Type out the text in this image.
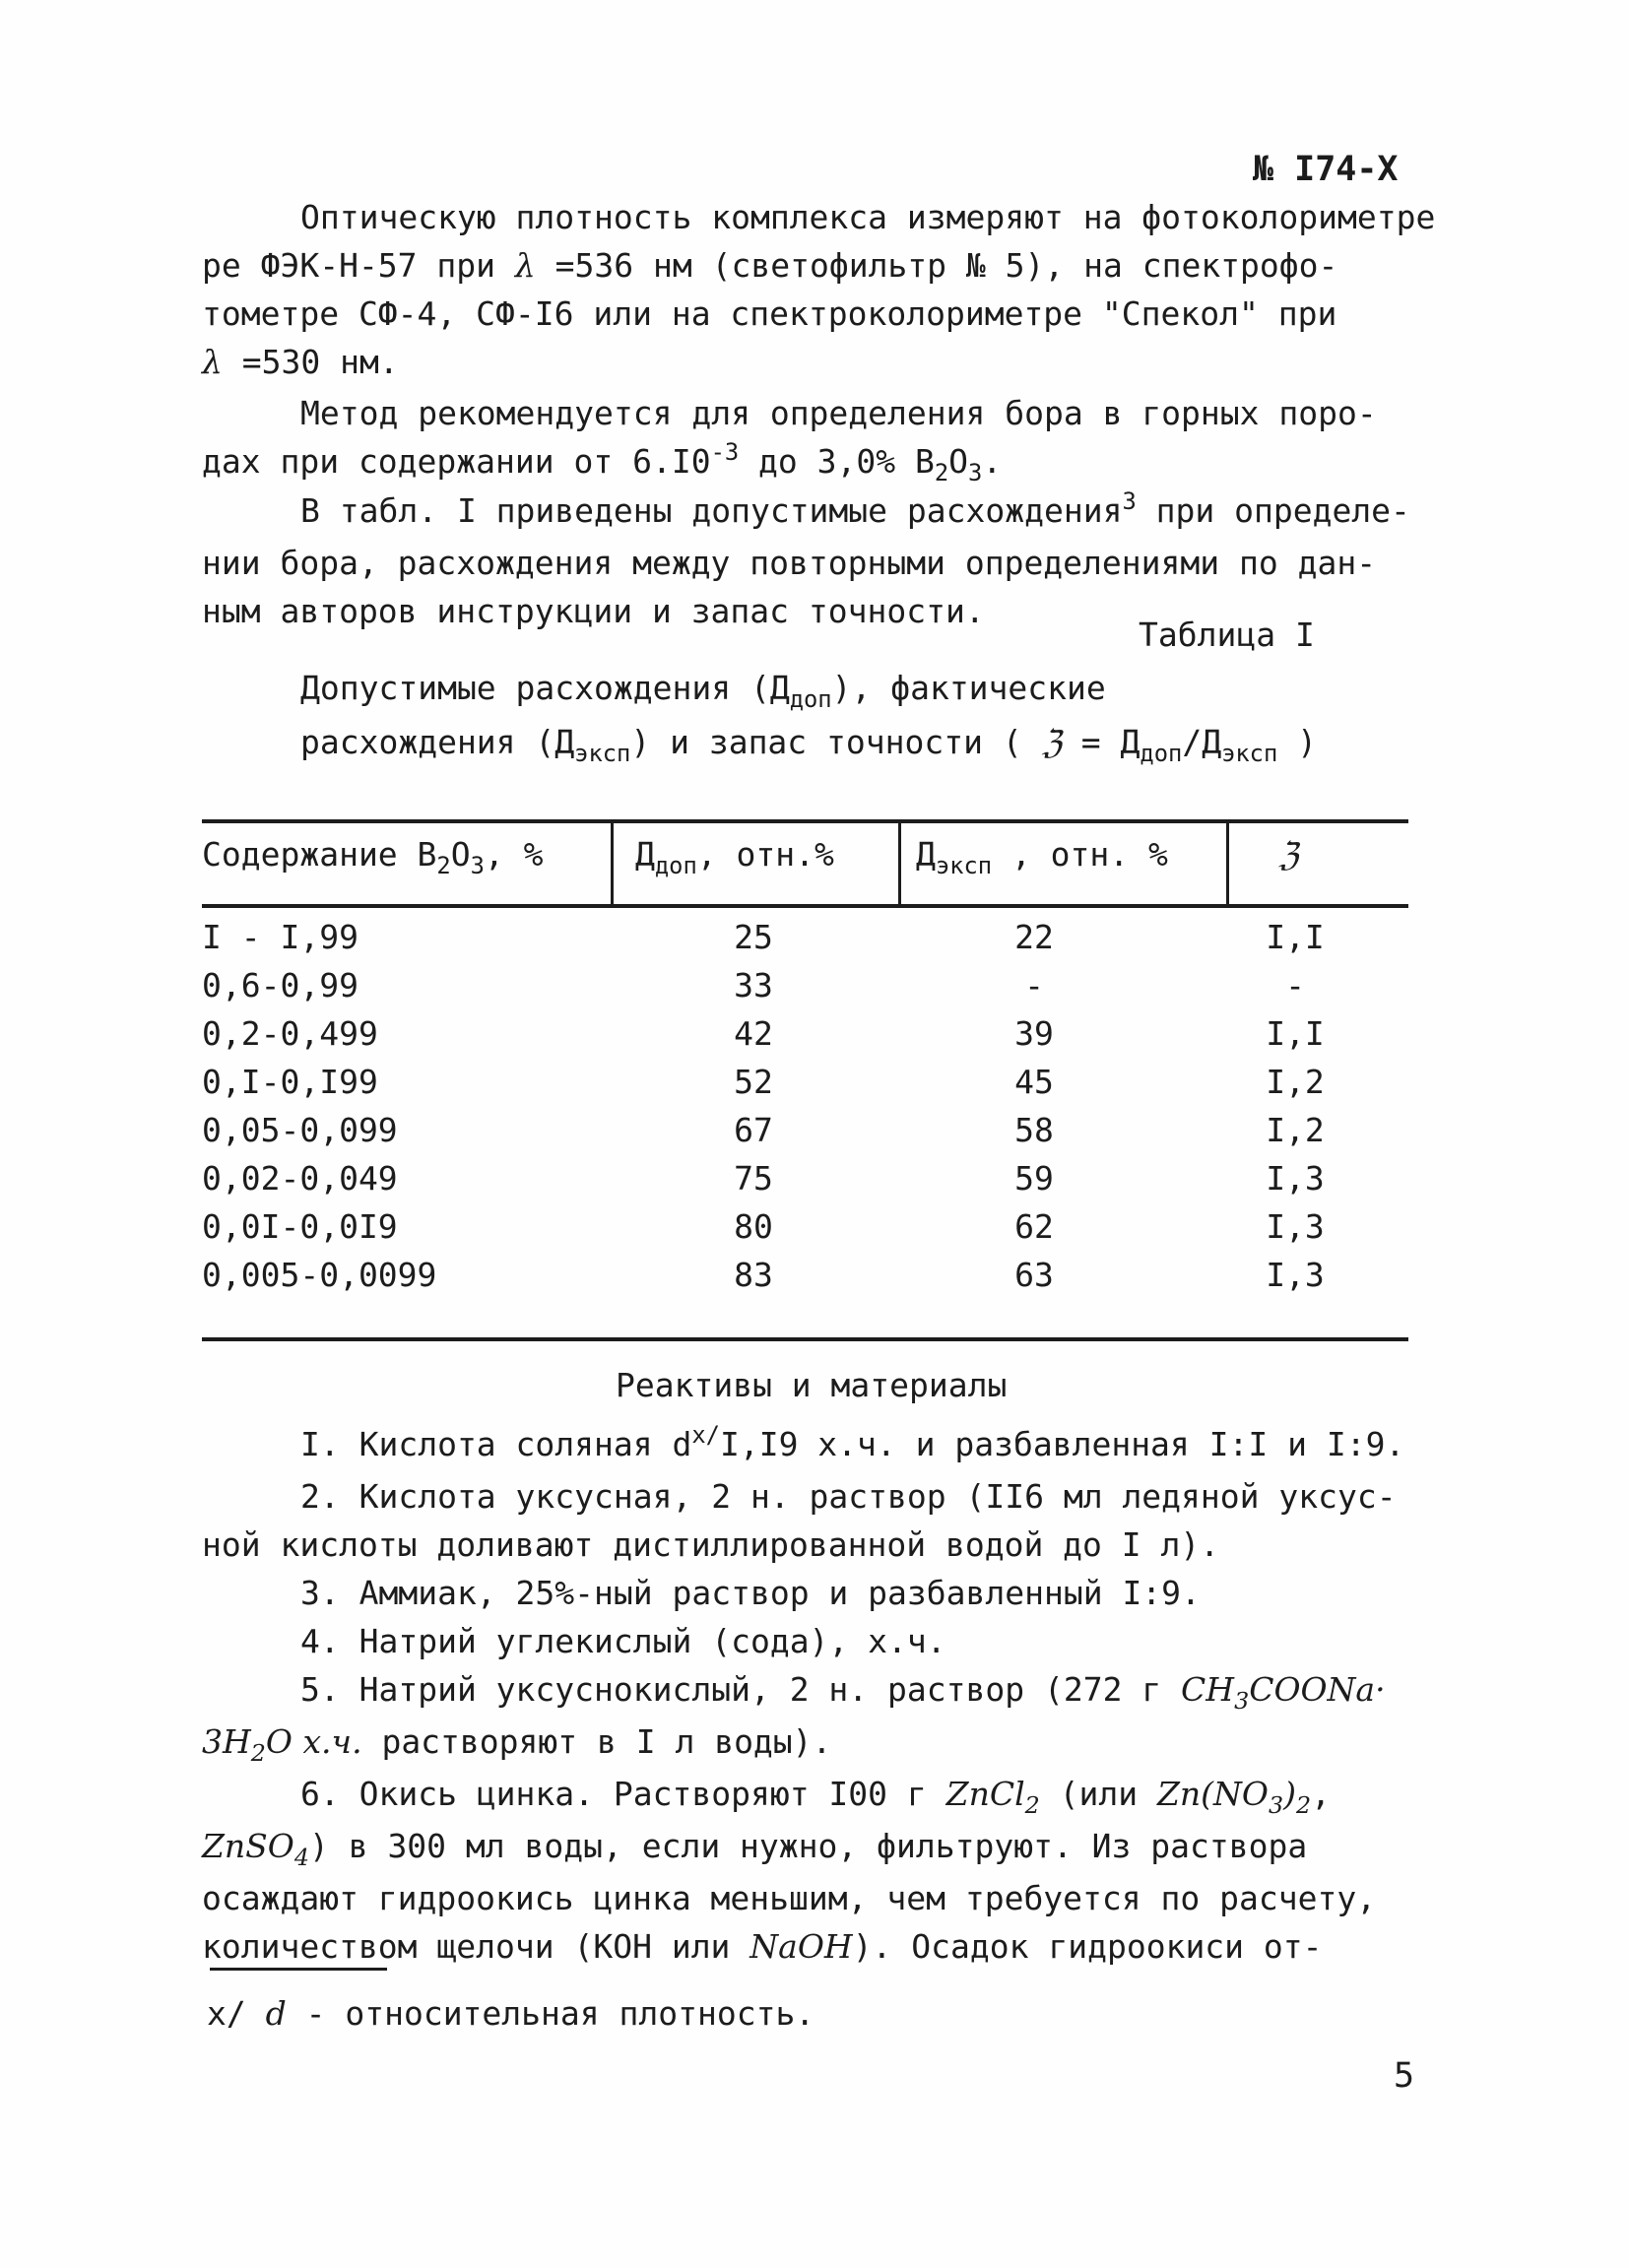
№ I74-X
Оптическую плотность комплекса измеряют на фотоколориметре
ре ФЭК-Н-57 при λ =536 нм (светофильтр № 5), на спектрофо-
тометре СФ-4, СФ-I6 или на спектроколориметре "Спекол" при
λ =530 нм.
Метод рекомендуется для определения бора в горных поро-
дах при содержании от $6.I0^{-3}$ до 3,0% $B_2O_3$.
В табл. I приведены допустимые расхождения$^3$ при определе-
нии бора, расхождения между повторными определениями по дан-
ным авторов инструкции и запас точности.
Таблица I
Допустимые расхождения $(Д_{доп})$, фактические
расхождения $(Д_{эксп})$ и запас точности ( ℨ = $Д_{доп}/Д_{эксп}$ )
Содержание $B_2O_3$, %	$Д_{доп}$, отн.%	$Д_{эксп}$ , отн. %	ℨ
I - I,99	25	22	I,I
0,6-0,99	33	-	-
0,2-0,499	42	39	I,I
0,I-0,I99	52	45	I,2
0,05-0,099	67	58	I,2
0,02-0,049	75	59	I,3
0,0I-0,0I9	80	62	I,3
0,005-0,0099	83	63	I,3
Реактивы и материалы
I. Кислота соляная $d^{x/}I,I9$ х.ч. и разбавленная I:I и I:9.
2. Кислота уксусная, 2 н. раствор (II6 мл ледяной уксус-
ной кислоты доливают дистиллированной водой до I л).
3. Аммиак, 25%-ный раствор и разбавленный I:9.
4. Натрий углекислый (сода), х.ч.
5. Натрий уксуснокислый, 2 н. раствор (272 г $CH_3COONa\cdot$
$3H_2O$ х.ч. растворяют в I л воды).
6. Окись цинка. Растворяют I00 г ZnCl$_2$ (или $Zn(NO_3)_2$,
ZnSO$_4$) в 300 мл воды, если нужно, фильтруют. Из раствора
осаждают гидроокись цинка меньшим, чем требуется по расчету,
количеством щелочи (КОН или NaOH). Осадок гидроокиси от-
x/ d - относительная плотность.
5
